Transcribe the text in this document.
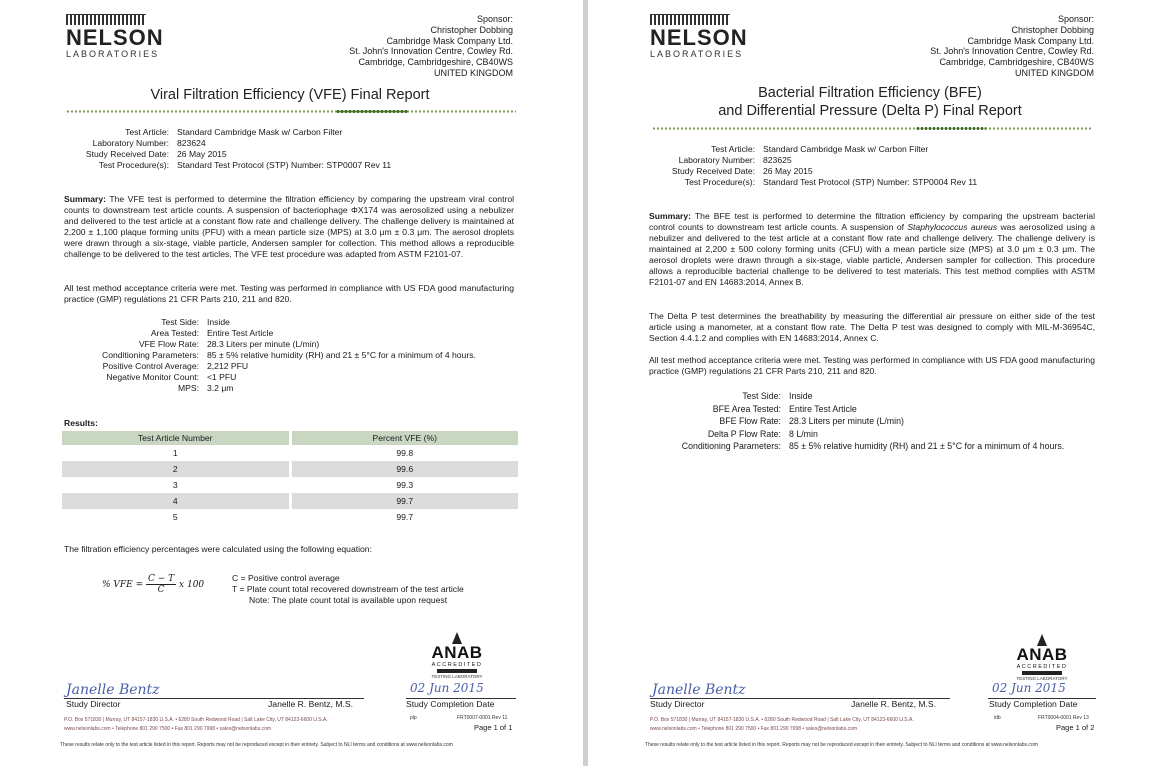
NELSON
LABORATORIES
Sponsor:
Christopher Dobbing
Cambridge Mask Company Ltd.
St. John's Innovation Centre, Cowley Rd.
Cambridge, Cambridgeshire, CB40WS
UNITED KINGDOM
Viral Filtration Efficiency (VFE) Final Report
Test Article: Standard Cambridge Mask w/ Carbon Filter
Laboratory Number: 823624
Study Received Date: 26 May 2015
Test Procedure(s): Standard Test Protocol (STP) Number: STP0007 Rev 11
Summary: The VFE test is performed to determine the filtration efficiency by comparing the upstream viral control counts to downstream test article counts. A suspension of bacteriophage ΦX174 was aerosolized using a nebulizer and delivered to the test article at a constant flow rate and challenge delivery. The challenge delivery is maintained at 2,200 ± 1,100 plaque forming units (PFU) with a mean particle size (MPS) at 3.0 μm ± 0.3 μm. The aerosol droplets were drawn through a six-stage, viable particle, Andersen sampler for collection. This method allows a reproducible challenge to be delivered to the test articles. The VFE test procedure was adapted from ASTM F2101-07.
All test method acceptance criteria were met. Testing was performed in compliance with US FDA good manufacturing practice (GMP) regulations 21 CFR Parts 210, 211 and 820.
Test Side: Inside
Area Tested: Entire Test Article
VFE Flow Rate: 28.3 Liters per minute (L/min)
Conditioning Parameters: 85 ± 5% relative humidity (RH) and 21 ± 5°C for a minimum of 4 hours.
Positive Control Average: 2,212 PFU
Negative Monitor Count: <1 PFU
MPS: 3.2 μm
Results:
Test Article Number	Percent VFE (%)
1	99.8
2	99.6
3	99.3
4	99.7
5	99.7
The filtration efficiency percentages were calculated using the following equation:
% VFE = $\frac{C - T}{C}$ x 100
C = Positive control average
T = Plate count total recovered downstream of the test article
Note: The plate count total is available upon request
ANAB
ACCREDITED
TESTING LABORATORY
Janelle Bentz	02 Jun 2015
Study Director	Janelle R. Bentz, M.S.	Study Completion Date
plp	FRT0007-0001 Rev 11
Page 1 of 1
P.O. Box 571830 | Murray, UT 84157-1830 U.S.A. • 6280 South Redwood Road | Salt Lake City, UT 84123-6600 U.S.A.
www.nelsonlabs.com • Telephone 801 290 7500 • Fax 801 290 7998 • sales@nelsonlabs.com
These results relate only to the test article listed in this report. Reports may not be reproduced except in their entirety. Subject to NLI terms and conditions at www.nelsonlabs.com
NELSON
LABORATORIES
Sponsor:
Christopher Dobbing
Cambridge Mask Company Ltd.
St. John's Innovation Centre, Cowley Rd.
Cambridge, Cambridgeshire, CB40WS
UNITED KINGDOM
Bacterial Filtration Efficiency (BFE)
and Differential Pressure (Delta P) Final Report
Test Article: Standard Cambridge Mask w/ Carbon Filter
Laboratory Number: 823625
Study Received Date: 26 May 2015
Test Procedure(s): Standard Test Protocol (STP) Number: STP0004 Rev 11
Summary: The BFE test is performed to determine the filtration efficiency by comparing the upstream bacterial control counts to downstream test article counts. A suspension of Staphylococcus aureus was aerosolized using a nebulizer and delivered to the test article at a constant flow rate and challenge delivery. The challenge delivery is maintained at 2,200 ± 500 colony forming units (CFU) with a mean particle size (MPS) at 3.0 μm ± 0.3 μm. The aerosol droplets were drawn through a six-stage, viable particle, Andersen sampler for collection. This procedure allows a reproducible bacterial challenge to be delivered to test materials. This test method complies with ASTM F2101-07 and EN 14683:2014, Annex B.
The Delta P test determines the breathability by measuring the differential air pressure on either side of the test article using a manometer, at a constant flow rate. The Delta P test was designed to comply with MIL-M-36954C, Section 4.4.1.2 and complies with EN 14683:2014, Annex C.
All test method acceptance criteria were met. Testing was performed in compliance with US FDA good manufacturing practice (GMP) regulations 21 CFR Parts 210, 211 and 820.
Test Side: Inside
BFE Area Tested: Entire Test Article
BFE Flow Rate: 28.3 Liters per minute (L/min)
Delta P Flow Rate: 8 L/min
Conditioning Parameters: 85 ± 5% relative humidity (RH) and 21 ± 5°C for a minimum of 4 hours.
ANAB
ACCREDITED
TESTING LABORATORY
Janelle Bentz	02 Jun 2015
Study Director	Janelle R. Bentz, M.S.	Study Completion Date
idb	FRT0004-0001 Rev 13
Page 1 of 2
P.O. Box 571830 | Murray, UT 84157-1830 U.S.A. • 6280 South Redwood Road | Salt Lake City, UT 84123-6600 U.S.A.
www.nelsonlabs.com • Telephone 801 290 7500 • Fax 801 290 7998 • sales@nelsonlabs.com
These results relate only to the test article listed in this report. Reports may not be reproduced except in their entirety. Subject to NLI terms and conditions at www.nelsonlabs.com
